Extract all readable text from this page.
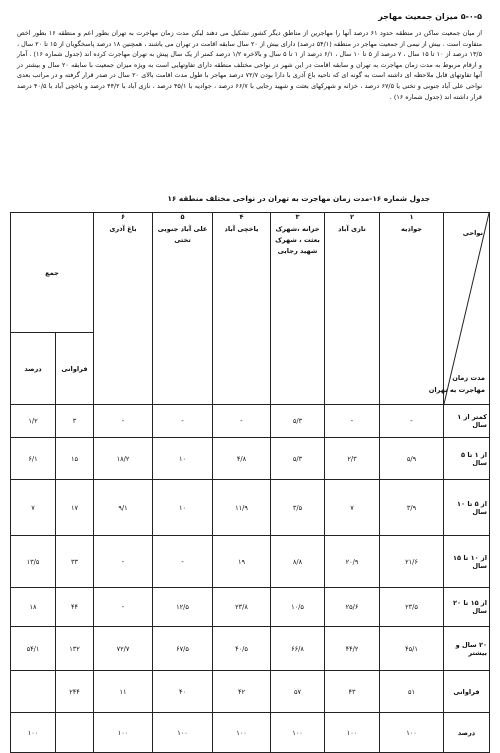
۵-۰-۵ میزان جمعیت مهاجر
از میان جمعیت ساکن در منطقه حدود ۶۱ درصد آنها را مهاجرین از مناطق دیگر کشور تشکیل می دهند لیکن مدت زمان مهاجرت به تهران بطور اعم و منطقه ۱۶ بطور اخص متفاوت است . بیش از نیمی از جمعیت مهاجر در منطقه (۵۴/۱ درصد) دارای بیش از ۲۰ سال سابقه اقامت در تهران می باشند ، همچنین ۱۸ درصد پاسخگویان از ۱۵ تا ۲۰ سال ، ۱۳/۵ درصد از ۱۰ تا ۱۵ سال ، ۷ درصد از ۵ تا ۱۰ سال ، ۶/۱ درصد از ۱ تا ۵ سال و بالاخره ۱/۲ درصد کمتر از یک سال پیش به تهران مهاجرت کرده اند (جدول شماره ۱۶) . آمار و ارقام مربوط به مدت زمان مهاجرت به تهران و سابقه اقامت در این شهر در نواحی مختلف منطقه دارای تفاوتهایی است به ویژه میزان جمعیت با سابقه ۲۰ سال و بیشتر در آنها تفاوتهای قابل ملاحظه ای داشته است به گونه ای که ناحیه باغ آذری با دارا بودن ۷۲/۷ درصد مهاجر با طول مدت اقامت بالای ۲۰ سال در صدر قرار گرفته و در مراتب بعدی نواحی علی آباد جنوبی و تختی با ۶۷/۵ درصد ، خزانه و شهرکهای بعثت و شهید رجایی با ۶۶/۷ درصد ، جوادیه با ۴۵/۱ درصد ، نازی آباد با ۴۴/۲ درصد و یاخچی آباد با ۴۰/۵ درصد قرار داشته اند (جدول شماره ۱۶) .
جدول شماره ۱۶-مدت زمان مهاجرت به تهران در نواحی مختلف منطقه ۱۶
نواحی
مدت زمان مهاجرت به تهران	۱
جوادیه	۲
نازی آباد	۳
خزانه ،شهرک بعثت ، شهرک شهید رجایی	۴
یاخچی آباد	۵
علی آباد جنوبی تختی	۶
باغ آذری	جمع	
							فراوانی	درصد
کمتر از ۱ سال	-	-	۵/۳	-	-	-	۳	۱/۲
از ۱ تا ۵ سال	۵/۹	۲/۳	۵/۳	۴/۸	۱۰	۱۸/۲	۱۵	۶/۱
از ۵ تا ۱۰ سال	۳/۹	۷	۳/۵	۱۱/۹	۱۰	۹/۱	۱۷	۷
از ۱۰ تا ۱۵ سال	۲۱/۶	۲۰/۹	۸/۸	۱۹	-	-	۳۳	۱۳/۵
از ۱۵ تا ۲۰ سال	۲۳/۵	۲۵/۶	۱۰/۵	۲۳/۸	۱۲/۵	-	۴۴	۱۸
۲۰ سال و بیشتر	۴۵/۱	۴۴/۲	۶۶/۸	۴۰/۵	۶۷/۵	۷۲/۷	۱۳۲	۵۴/۱

فراوانی	۵۱	۴۳	۵۷	۴۲	۴۰	۱۱	۲۴۴	

درصد	۱۰۰	۱۰۰	۱۰۰	۱۰۰	۱۰۰	۱۰۰		۱۰۰
